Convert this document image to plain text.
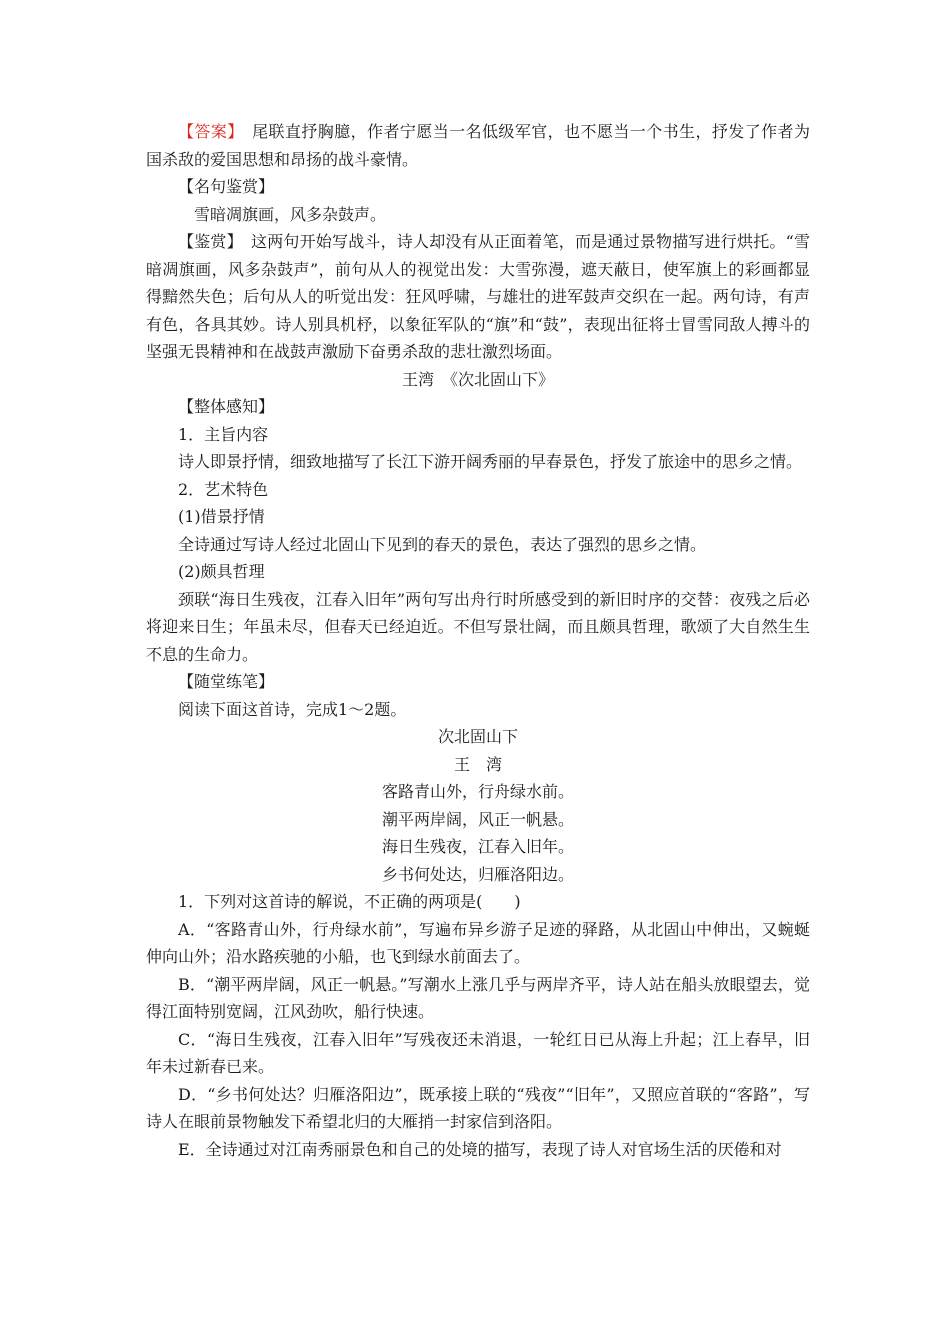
【答案】　尾联直抒胸臆，作者宁愿当一名低级军官，也不愿当一个书生，抒发了作者为国杀敌的爱国思想和昂扬的战斗豪情。

【名句鉴赏】

雪暗凋旗画，风多杂鼓声。

【鉴赏】　这两句开始写战斗，诗人却没有从正面着笔，而是通过景物描写进行烘托。“雪暗凋旗画，风多杂鼓声”，前句从人的视觉出发：大雪弥漫，遮天蔽日，使军旗上的彩画都显得黯然失色；后句从人的听觉出发：狂风呼啸，与雄壮的进军鼓声交织在一起。两句诗，有声有色，各具其妙。诗人别具机杼，以象征军队的“旗”和“鼓”，表现出征将士冒雪同敌人搏斗的坚强无畏精神和在战鼓声激励下奋勇杀敌的悲壮激烈场面。

王湾　《次北固山下》

【整体感知】

1．主旨内容

诗人即景抒情，细致地描写了长江下游开阔秀丽的早春景色，抒发了旅途中的思乡之情。

2．艺术特色

(1)借景抒情

全诗通过写诗人经过北固山下见到的春天的景色，表达了强烈的思乡之情。

(2)颇具哲理

颈联“海日生残夜，江春入旧年”两句写出舟行时所感受到的新旧时序的交替：夜残之后必将迎来日生；年虽未尽，但春天已经迫近。不但写景壮阔，而且颇具哲理，歌颂了大自然生生不息的生命力。

【随堂练笔】

阅读下面这首诗，完成1～2题。

次北固山下

王　湾

客路青山外，行舟绿水前。

潮平两岸阔，风正一帆悬。

海日生残夜，江春入旧年。

乡书何处达，归雁洛阳边。

1．下列对这首诗的解说，不正确的两项是(　　)

A．“客路青山外，行舟绿水前”，写遍布异乡游子足迹的驿路，从北固山中伸出，又蜿蜒伸向山外；沿水路疾驰的小船，也飞到绿水前面去了。

B．“潮平两岸阔，风正一帆悬。”写潮水上涨几乎与两岸齐平，诗人站在船头放眼望去，觉得江面特别宽阔，江风劲吹，船行快速。

C．“海日生残夜，江春入旧年”写残夜还未消退，一轮红日已从海上升起；江上春早，旧年未过新春已来。

D．“乡书何处达？归雁洛阳边”，既承接上联的“残夜”“旧年”，又照应首联的“客路”，写诗人在眼前景物触发下希望北归的大雁捎一封家信到洛阳。

E．全诗通过对江南秀丽景色和自己的处境的描写，表现了诗人对官场生活的厌倦和对
